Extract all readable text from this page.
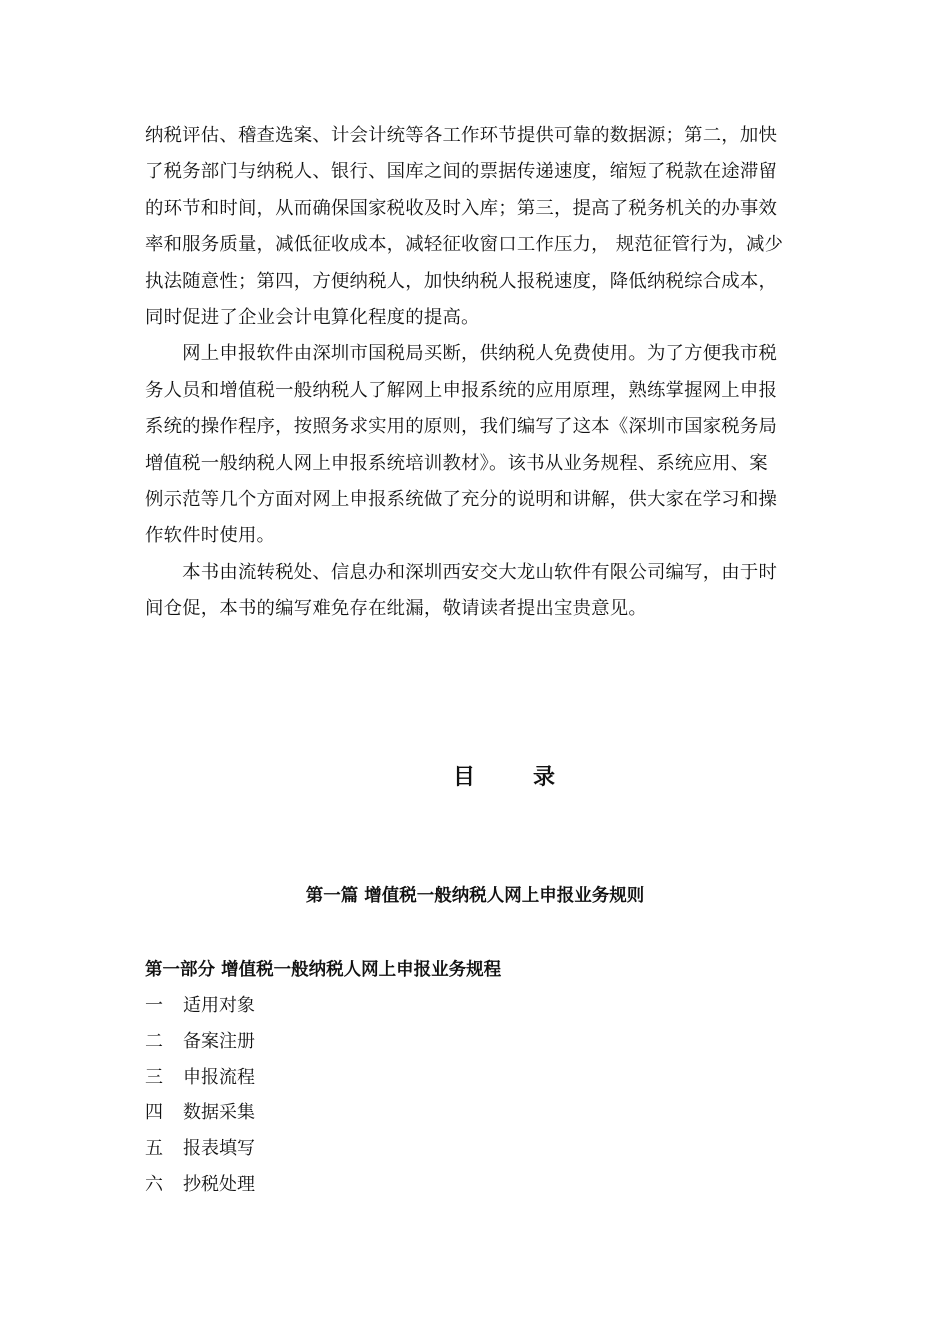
纳税评估、稽查选案、计会计统等各工作环节提供可靠的数据源；第二，加快
了税务部门与纳税人、银行、国库之间的票据传递速度，缩短了税款在途滞留
的环节和时间，从而确保国家税收及时入库；第三，提高了税务机关的办事效
率和服务质量，减低征收成本，减轻征收窗口工作压力， 规范征管行为，减少
执法随意性；第四，方便纳税人，加快纳税人报税速度，降低纳税综合成本，
同时促进了企业会计电算化程度的提高。

　　网上申报软件由深圳市国税局买断，供纳税人免费使用。为了方便我市税
务人员和增值税一般纳税人了解网上申报系统的应用原理，熟练掌握网上申报
系统的操作程序，按照务求实用的原则，我们编写了这本《深圳市国家税务局
增值税一般纳税人网上申报系统培训教材》。该书从业务规程、系统应用、案
例示范等几个方面对网上申报系统做了充分的说明和讲解，供大家在学习和操
作软件时使用。

　　本书由流转税处、信息办和深圳西安交大龙山软件有限公司编写，由于时
间仓促，本书的编写难免存在纰漏，敬请读者提出宝贵意见。

目录
第一篇 增值税一般纳税人网上申报业务规则
第一部分 增值税一般纳税人网上申报业务规程
一 适用对象
二 备案注册
三 申报流程
四 数据采集
五 报表填写
六 抄税处理
